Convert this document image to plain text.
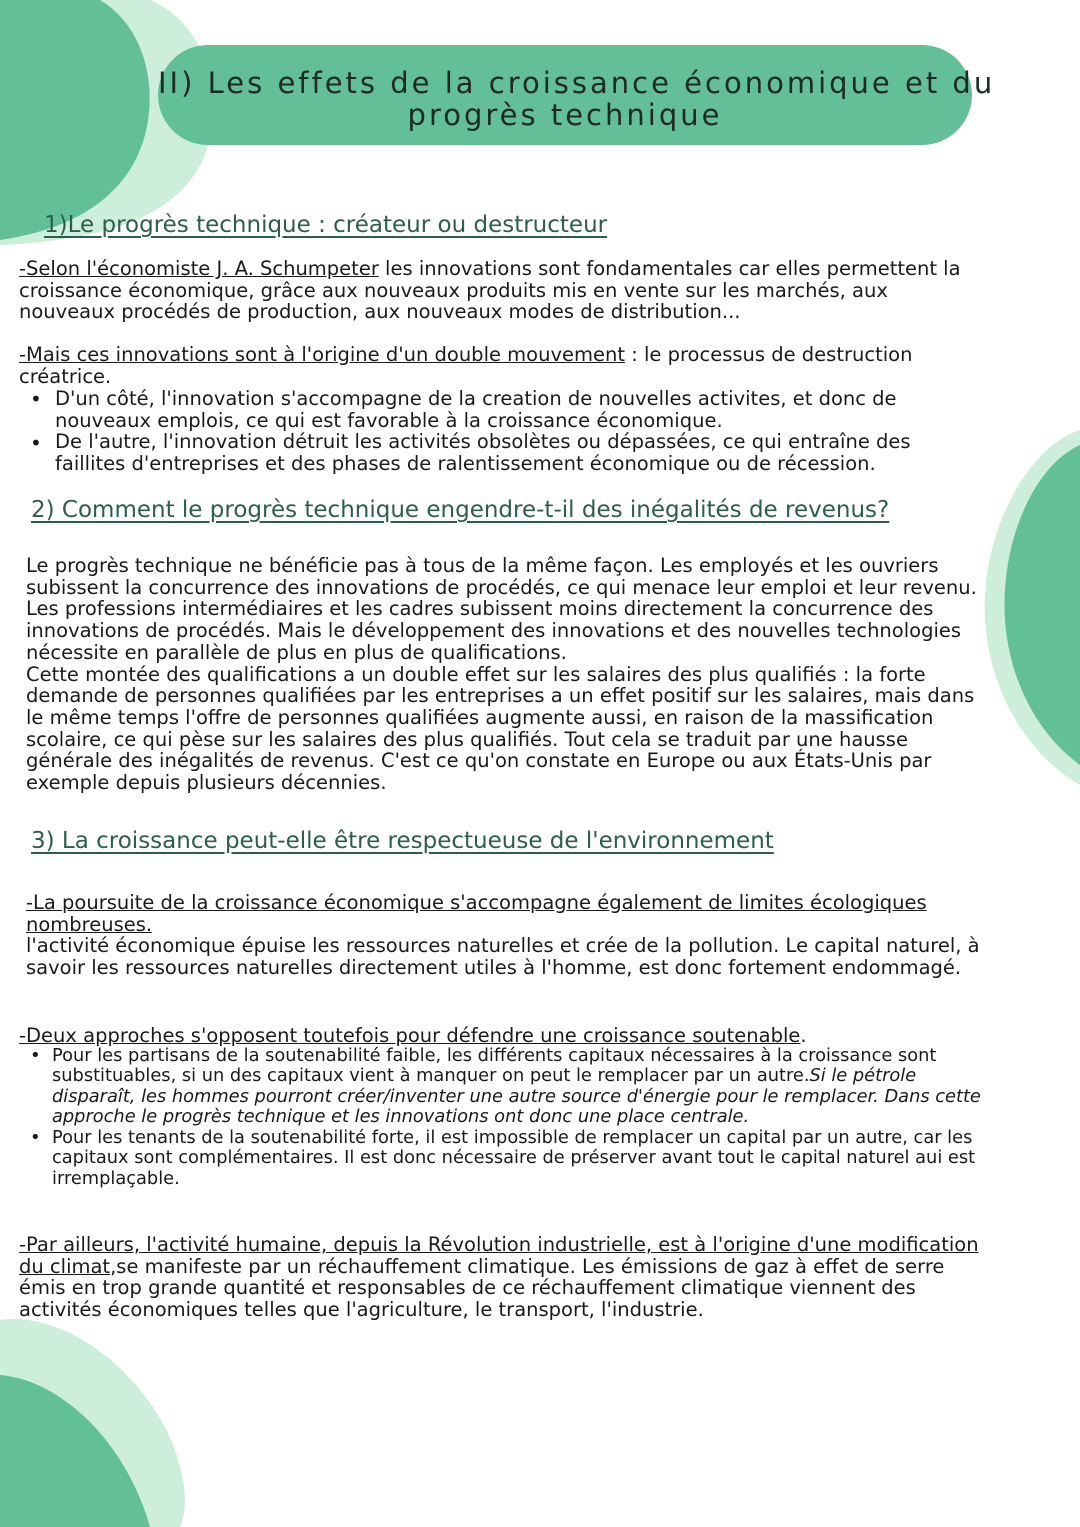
II) Les effets de la croissance économique et du
progrès technique
1)Le progrès technique : créateur ou destructeur
-Selon l'économiste J. A. Schumpeter les innovations sont fondamentales car elles permettent la
croissance économique, grâce aux nouveaux produits mis en vente sur les marchés, aux
nouveaux procédés de production, aux nouveaux modes de distribution...
-Mais ces innovations sont à l'origine d'un double mouvement : le processus de destruction
créatrice.
• D'un côté, l'innovation s'accompagne de la creation de nouvelles activites, et donc de
nouveaux emplois, ce qui est favorable à la croissance économique.
• De l'autre, l'innovation détruit les activités obsolètes ou dépassées, ce qui entraîne des
faillites d'entreprises et des phases de ralentissement économique ou de récession.
2) Comment le progrès technique engendre-t-il des inégalités de revenus?
Le progrès technique ne bénéficie pas à tous de la même façon. Les employés et les ouvriers
subissent la concurrence des innovations de procédés, ce qui menace leur emploi et leur revenu.
Les professions intermédiaires et les cadres subissent moins directement la concurrence des
innovations de procédés. Mais le développement des innovations et des nouvelles technologies
nécessite en parallèle de plus en plus de qualifications.
Cette montée des qualifications a un double effet sur les salaires des plus qualifiés : la forte
demande de personnes qualifiées par les entreprises a un effet positif sur les salaires, mais dans
le même temps l'offre de personnes qualifiées augmente aussi, en raison de la massification
scolaire, ce qui pèse sur les salaires des plus qualifiés. Tout cela se traduit par une hausse
générale des inégalités de revenus. C'est ce qu'on constate en Europe ou aux États-Unis par
exemple depuis plusieurs décennies.
3) La croissance peut-elle être respectueuse de l'environnement
-La poursuite de la croissance économique s'accompagne également de limites écologiques
nombreuses.
l'activité économique épuise les ressources naturelles et crée de la pollution. Le capital naturel, à
savoir les ressources naturelles directement utiles à l'homme, est donc fortement endommagé.
-Deux approches s'opposent toutefois pour défendre une croissance soutenable.
• Pour les partisans de la soutenabilité faible, les différents capitaux nécessaires à la croissance sont
substituables, si un des capitaux vient à manquer on peut le remplacer par un autre.Si le pétrole
disparaît, les hommes pourront créer/inventer une autre source d'énergie pour le remplacer. Dans cette
approche le progrès technique et les innovations ont donc une place centrale.
• Pour les tenants de la soutenabilité forte, il est impossible de remplacer un capital par un autre, car les
capitaux sont complémentaires. Il est donc nécessaire de préserver avant tout le capital naturel aui est
irremplaçable.
-Par ailleurs, l'activité humaine, depuis la Révolution industrielle, est à l'origine d'une modification
du climat,se manifeste par un réchauffement climatique. Les émissions de gaz à effet de serre
émis en trop grande quantité et responsables de ce réchauffement climatique viennent des
activités économiques telles que l'agriculture, le transport, l'industrie.
